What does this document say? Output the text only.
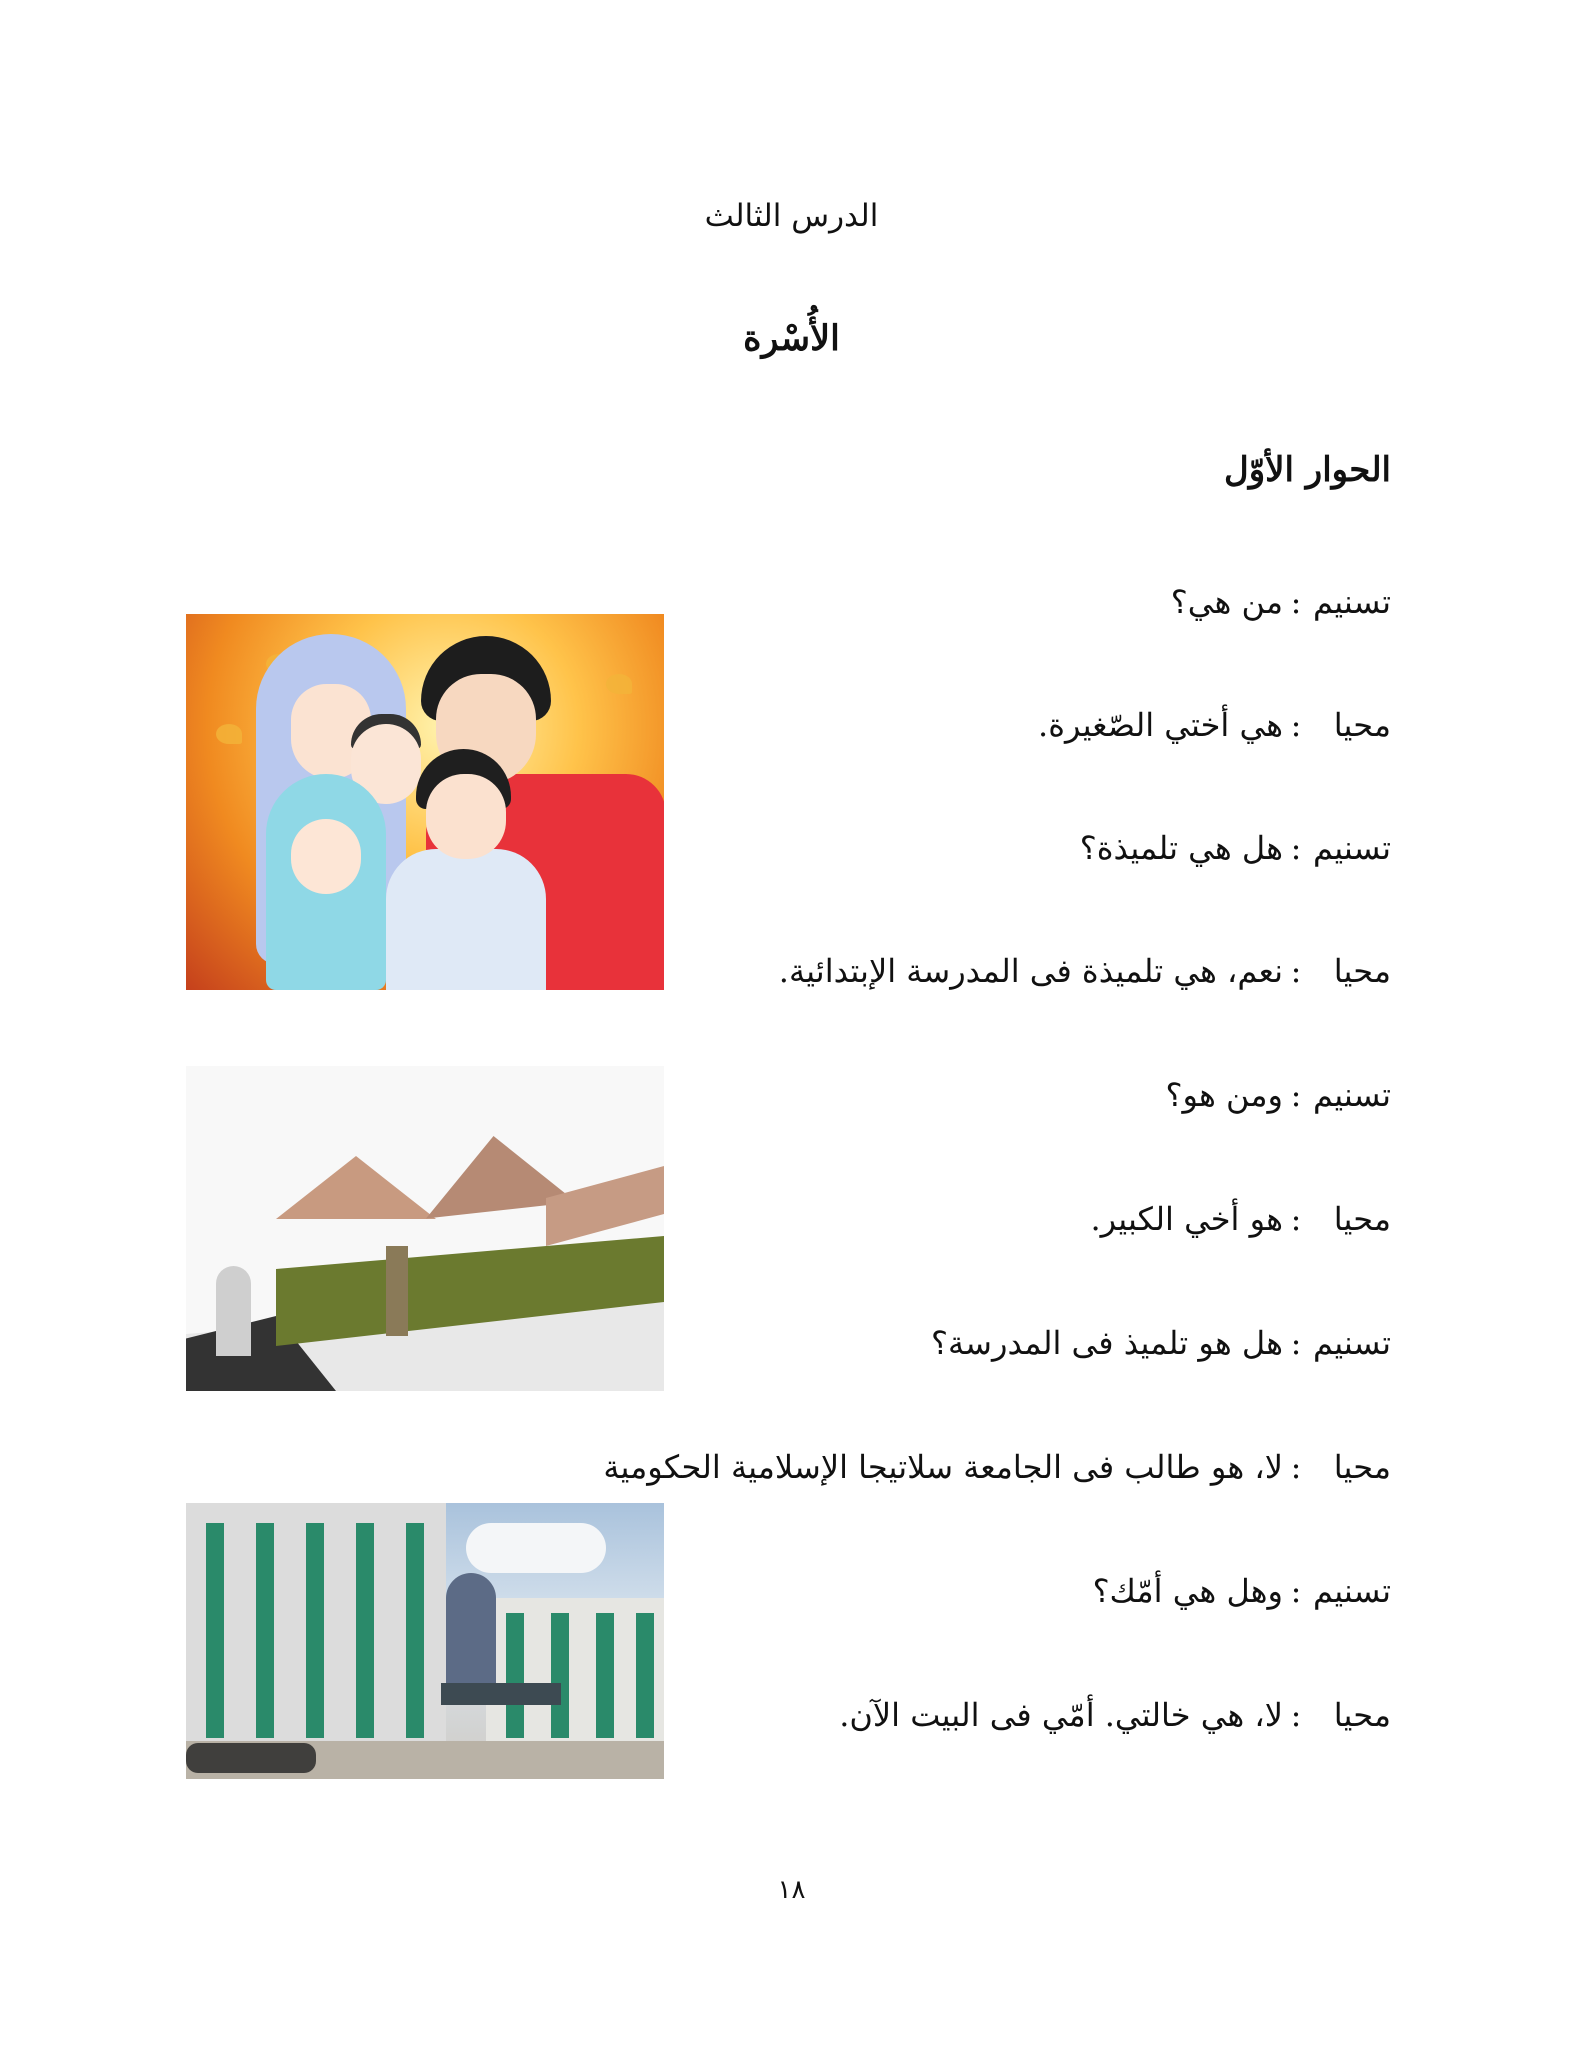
الدرس الثالث
الأُسْرة
الحوار الأوّل
تسنيم:من هي؟
محيا:هي أختي الصّغيرة.
تسنيم:هل هي تلميذة؟
محيا:نعم، هي تلميذة فى المدرسة الإبتدائية.
تسنيم:ومن هو؟
محيا:هو أخي الكبير.
تسنيم:هل هو تلميذ فى المدرسة؟
محيا:لا، هو طالب فى الجامعة سلاتيجا الإسلامية الحكومية
تسنيم:وهل هي أمّك؟
محيا:لا، هي خالتي. أمّي فى البيت الآن.
١٨
